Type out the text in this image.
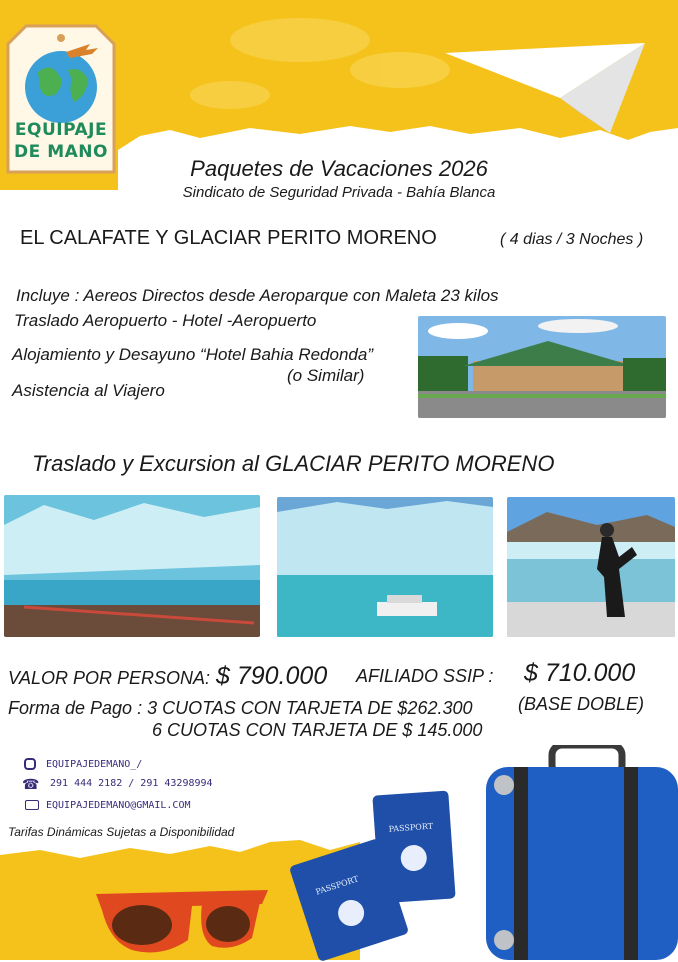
EQUIPAJE
DE MANO
Paquetes de Vacaciones 2026
Sindicato de Seguridad Privada - Bahía Blanca
EL CALAFATE Y GLACIAR PERITO MORENO	( 4 dias / 3 Noches )
Incluye : Aereos Directos desde Aeroparque con Maleta 23 kilos
Traslado Aeropuerto - Hotel -Aeropuerto
Alojamiento y Desayuno “Hotel Bahia Redonda”
(o Similar)
Asistencia al Viajero
Traslado y Excursion al GLACIAR PERITO MORENO
VALOR POR PERSONA: $ 790.000 AFILIADO SSIP : $ 710.000
(BASE DOBLE)
Forma de Pago : 3 CUOTAS CON TARJETA DE $262.300
6 CUOTAS CON TARJETA DE $ 145.000
EQUIPAJEDEMANO_/
☎ 291 444 2182 / 291 43298994
EQUIPAJEDEMANO@GMAIL.COM
Tarifas Dinámicas Sujetas a Disponibilidad	PASSPORT
PASSPORT
